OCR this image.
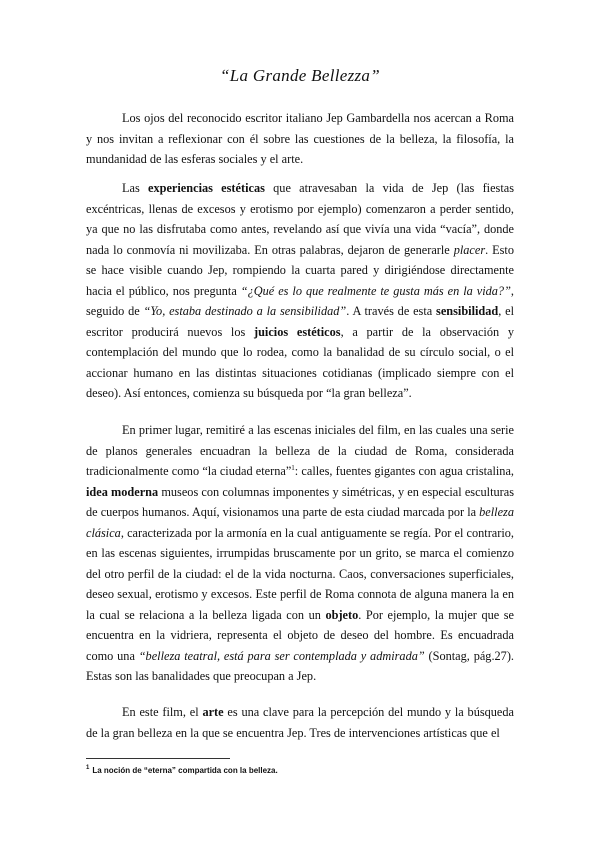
“La Grande Bellezza”

Los ojos del reconocido escritor italiano Jep Gambardella nos acercan a Roma y nos invitan a reflexionar con él sobre las cuestiones de la belleza, la filosofía, la mundanidad de las esferas sociales y el arte.

Las experiencias estéticas que atravesaban la vida de Jep (las fiestas excéntricas, llenas de excesos y erotismo por ejemplo) comenzaron a perder sentido, ya que no las disfrutaba como antes, revelando así que vivía una vida “vacía”, donde nada lo conmovía ni movilizaba. En otras palabras, dejaron de generarle placer. Esto se hace visible cuando Jep, rompiendo la cuarta pared y dirigiéndose directamente hacia el público, nos pregunta “¿Qué es lo que realmente te gusta más en la vida?”, seguido de “Yo, estaba destinado a la sensibilidad”. A través de esta sensibilidad, el escritor producirá nuevos los juicios estéticos, a partir de la observación y contemplación del mundo que lo rodea, como la banalidad de su círculo social, o el accionar humano en las distintas situaciones cotidianas (implicado siempre con el deseo). Así entonces, comienza su búsqueda por “la gran belleza”.

En primer lugar, remitiré a las escenas iniciales del film, en las cuales una serie de planos generales encuadran la belleza de la ciudad de Roma, considerada tradicionalmente como “la ciudad eterna”$^1$: calles, fuentes gigantes con agua cristalina, idea moderna museos con columnas imponentes y simétricas, y en especial esculturas de cuerpos humanos. Aquí, visionamos una parte de esta ciudad marcada por la belleza clásica, caracterizada por la armonía en la cual antiguamente se regía. Por el contrario, en las escenas siguientes, irrumpidas bruscamente por un grito, se marca el comienzo del otro perfil de la ciudad: el de la vida nocturna. Caos, conversaciones superficiales, deseo sexual, erotismo y excesos. Este perfil de Roma connota de alguna manera la en la cual se relaciona a la belleza ligada con un objeto. Por ejemplo, la mujer que se encuentra en la vidriera, representa el objeto de deseo del hombre. Es encuadrada como una “belleza teatral, está para ser contemplada y admirada” (Sontag, pág.27). Estas son las banalidades que preocupan a Jep.

En este film, el arte es una clave para la percepción del mundo y la búsqueda de la gran belleza en la que se encuentra Jep. Tres de intervenciones artísticas que el

$^1$ La noción de “eterna” compartida con la belleza.
